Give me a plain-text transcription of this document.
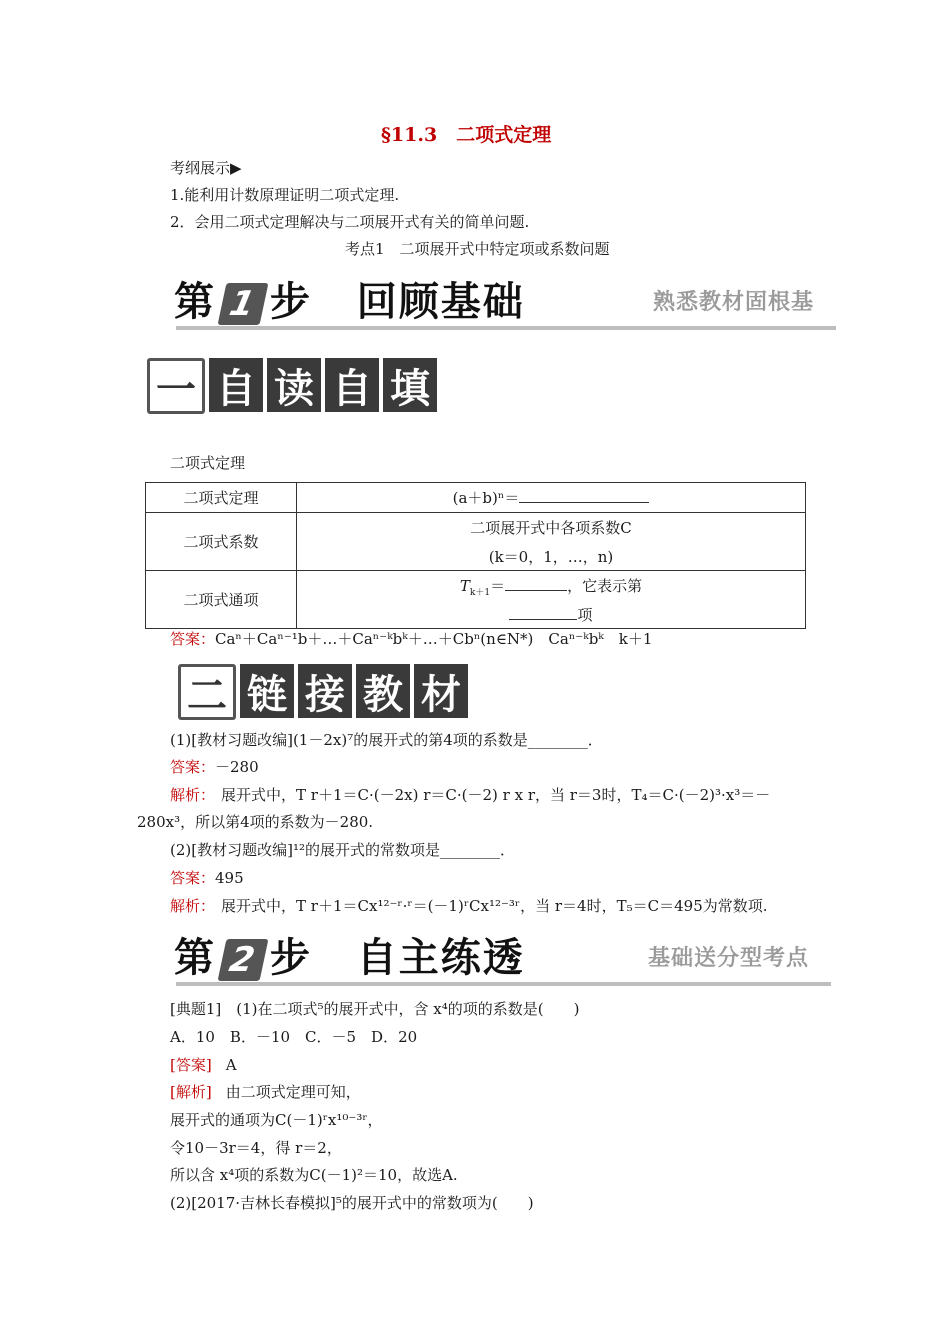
§11.3　二项式定理
考纲展示▶
1.能利用计数原理证明二项式定理.
2．会用二项式定理解决与二项展开式有关的简单问题.
考点1　二项展开式中特定项或系数问题
第 1 步 回顾基础	熟悉教材固根基
一 自 读 自 填
二项式定理
二项式定理	(a＋b)ⁿ＝
二项式系数	二项展开式中各项系数C
(k＝0，1，…，n)

二项式通项	$T_{k+1}=$ ，它表示第
项
答案：Caⁿ＋Caⁿ⁻¹b＋…＋Caⁿ⁻ᵏbᵏ＋…＋Cbⁿ(n∈N*)　Caⁿ⁻ᵏbᵏ　k＋1
二 链 接 教 材
(1)[教材习题改编](1－2x)⁷的展开式的第4项的系数是________．
答案：－280
解析： 展开式中，T r＋1＝C·(－2x) r＝C·(－2) r x r，当 r＝3时，T₄＝C·(－2)³·x³＝－
280x³，所以第4项的系数为－280.
(2)[教材习题改编]¹²的展开式的常数项是________．
答案：495
解析： 展开式中，T r＋1＝Cx¹²⁻ʳ·ʳ＝(－1)ʳCx¹²⁻³ʳ，当 r＝4时，T₅＝C＝495为常数项.
第 2 步 自主练透	基础送分型考点
[典题1]　(1)在二项式⁵的展开式中，含 x⁴的项的系数是(　　)
A．10　B．－10　C．－5　D．20
[答案] A
[解析] 由二项式定理可知，
展开式的通项为C(－1)ʳx¹⁰⁻³ʳ，
令10－3r＝4，得 r＝2，
所以含 x⁴项的系数为C(－1)²＝10，故选A.
(2)[2017·吉林长春模拟]⁵的展开式中的常数项为(　　)
